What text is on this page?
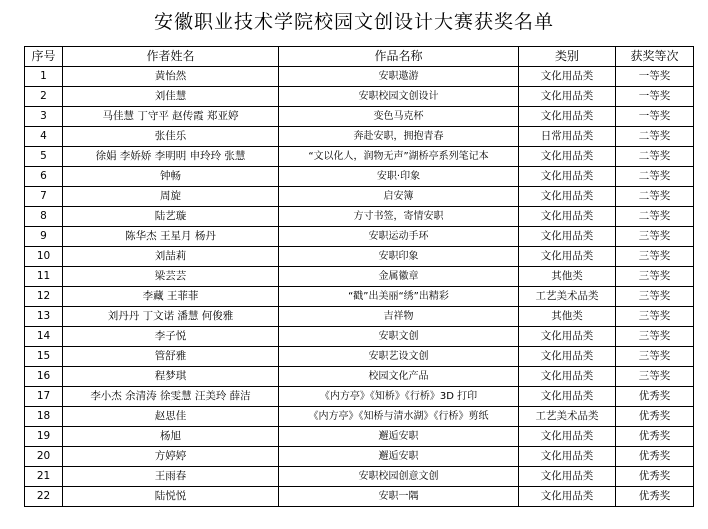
安徽职业技术学院校园文创设计大赛获奖名单
序号	作者姓名	作品名称	类别	获奖等次
1	黄怡然	安职遨游	文化用品类	一等奖
2	刘佳慧	安职校园文创设计	文化用品类	一等奖
3	马佳慧 丁守平 赵传霞 郑亚婷	变色马克杯	文化用品类	一等奖
4	张佳乐	奔赴安职，拥抱青春	日常用品类	二等奖
5	徐娟 李娇娇 李明明 申玲玲 张慧	“文以化人，润物无声”湖桥亭系列笔记本	文化用品类	二等奖
6	钟畅	安职·印象	文化用品类	二等奖
7	周旋	启安簿	文化用品类	二等奖
8	陆艺璇	方寸书签，寄情安职	文化用品类	二等奖
9	陈华杰 王星月 杨丹	安职运动手环	文化用品类	三等奖
10	刘喆莉	安职印象	文化用品类	三等奖
11	梁芸芸	金属徽章	其他类	三等奖
12	李藏 王菲菲	“戳”出美丽“绣”出精彩	工艺美术品类	三等奖
13	刘丹丹 丁文诺 潘慧 何俊雅	吉祥物	其他类	三等奖
14	李子悦	安职文创	文化用品类	三等奖
15	管舒雅	安职艺设文创	文化用品类	三等奖
16	程梦琪	校园文化产品	文化用品类	三等奖
17	李小杰 余清涛 徐雯慧 汪美玲 薛洁	《内方亭》《知桥》《行桥》3D 打印	文化用品类	优秀奖
18	赵思佳	《内方亭》《知桥与清水湖》《行桥》剪纸	工艺美术品类	优秀奖
19	杨旭	邂逅安职	文化用品类	优秀奖
20	方婷婷	邂逅安职	文化用品类	优秀奖
21	王雨春	安职校园创意文创	文化用品类	优秀奖
22	陆悦悦	安职一隅	文化用品类	优秀奖
